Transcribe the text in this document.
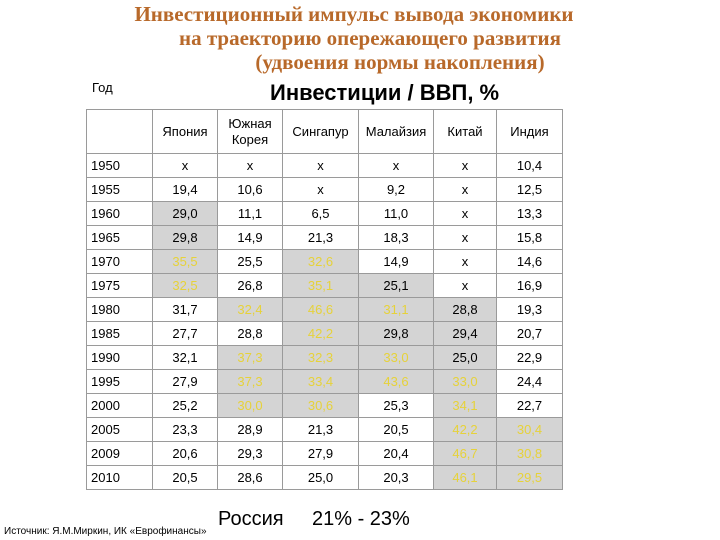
Инвестиционный импульс вывода экономики
на траекторию опережающего развития
(удвоения нормы накопления)
Год	Инвестиции / ВВП, %
	Япония	Южная Корея	Сингапур	Малайзия	Китай	Индия
1950	х	х	х	х	х	10,4
1955	19,4	10,6	х	9,2	х	12,5
1960	29,0	11,1	6,5	11,0	х	13,3
1965	29,8	14,9	21,3	18,3	х	15,8
1970	35,5	25,5	32,6	14,9	х	14,6
1975	32,5	26,8	35,1	25,1	х	16,9
1980	31,7	32,4	46,6	31,1	28,8	19,3
1985	27,7	28,8	42,2	29,8	29,4	20,7
1990	32,1	37,3	32,3	33,0	25,0	22,9
1995	27,9	37,3	33,4	43,6	33,0	24,4
2000	25,2	30,0	30,6	25,3	34,1	22,7
2005	23,3	28,9	21,3	20,5	42,2	30,4
2009	20,6	29,3	27,9	20,4	46,7	30,8
2010	20,5	28,6	25,0	20,3	46,1	29,5
Россия 21% - 23%
Источник: Я.М.Миркин, ИК «Еврофинансы»
